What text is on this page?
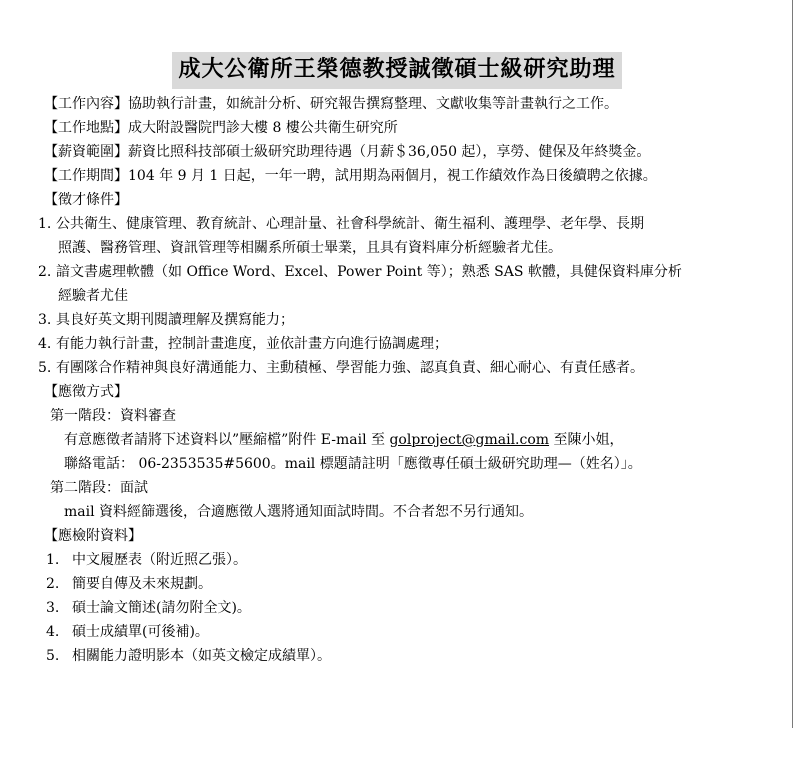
成大公衛所王榮德教授誠徵碩士級研究助理
【工作內容】協助執行計畫，如統計分析、研究報告撰寫整理、文獻收集等計畫執行之工作。
【工作地點】成大附設醫院門診大樓 8 樓公共衛生研究所
【薪資範圍】薪資比照科技部碩士級研究助理待遇（月薪＄36,050 起），享勞、健保及年終獎金。
【工作期間】104 年 9 月 1 日起，一年一聘，試用期為兩個月，視工作績效作為日後續聘之依據。
【徵才條件】
1. 公共衛生、健康管理、教育統計、心理計量、社會科學統計、衛生福利、護理學、老年學、長期
照護、醫務管理、資訊管理等相關系所碩士畢業，且具有資料庫分析經驗者尤佳。
2. 諳文書處理軟體（如 Office Word、Excel、Power Point 等）；熟悉 SAS 軟體，具健保資料庫分析
經驗者尤佳
3. 具良好英文期刊閱讀理解及撰寫能力；
4. 有能力執行計畫，控制計畫進度，並依計畫方向進行協調處理；
5. 有團隊合作精神與良好溝通能力、主動積極、學習能力強、認真負責、細心耐心、有責任感者。
【應徵方式】
第一階段：資料審查
有意應徵者請將下述資料以”壓縮檔”附件 E-mail 至 golproject@gmail.com 至陳小姐，
聯絡電話： 06-2353535#5600。mail 標題請註明「應徵專任碩士級研究助理—（姓名）」。
第二階段：面試
mail 資料經篩選後，合適應徵人選將通知面試時間。不合者恕不另行通知。
【應檢附資料】
1. 中文履歷表（附近照乙張）。
2. 簡要自傳及未來規劃。
3. 碩士論文簡述(請勿附全文)。
4. 碩士成績單(可後補)。
5. 相關能力證明影本（如英文檢定成績單）。
